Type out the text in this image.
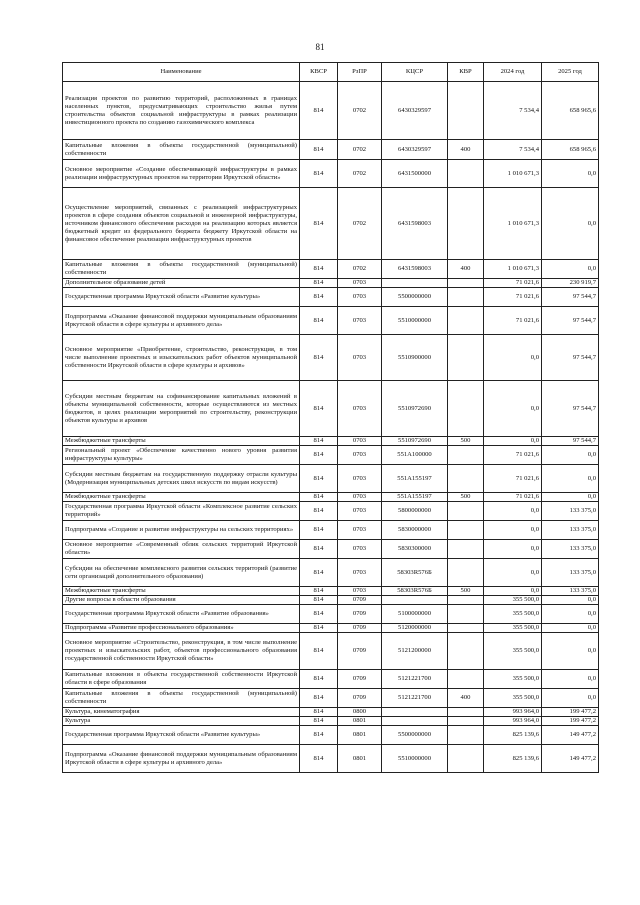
81
Наименование	КВСР	РзПР	КЦСР	КВР	2024 год	2025 год
Реализация проектов по развитию территорий, расположенных в границах населенных пунктов, предусматривающих строительство жилья путем строительства объектов социальной инфраструктуры в рамках реализации инвестиционного проекта по созданию газохимического комплекса	814	0702	6430329597		7 534,4	658 965,6
Капитальные вложения в объекты государственной (муниципальной) собственности	814	0702	6430329597	400	7 534,4	658 965,6
Основное мероприятие «Создание обеспечивающей инфраструктуры в рамках реализации инфраструктурных проектов на территории Иркутской области»	814	0702	6431500000		1 010 671,3	0,0
Осуществление мероприятий, связанных с реализацией инфраструктурных проектов в сфере создания объектов социальной и инженерной инфраструктуры, источником финансового обеспечения расходов на реализацию которых является бюджетный кредит из федерального бюджета бюджету Иркутской области на финансовое обеспечение реализации инфраструктурных проектов	814	0702	6431598003		1 010 671,3	0,0
Капитальные вложения в объекты государственной (муниципальной) собственности	814	0702	6431598003	400	1 010 671,3	0,0
Дополнительное образование детей	814	0703			71 021,6	230 919,7
Государственная программа Иркутской области «Развитие культуры»	814	0703	5500000000		71 021,6	97 544,7
Подпрограмма «Оказание финансовой поддержки муниципальным образованиям Иркутской области в сфере культуры и архивного дела»	814	0703	5510000000		71 021,6	97 544,7
Основное мероприятие «Приобретение, строительство, реконструкция, в том числе выполнение проектных и изыскательских работ объектов муниципальной собственности Иркутской области в сфере культуры и архивов»	814	0703	5510900000		0,0	97 544,7
Субсидии местным бюджетам на софинансирование капитальных вложений в объекты муниципальной собственности, которые осуществляются из местных бюджетов, в целях реализации мероприятий по строительству, реконструкции объектов культуры и архивов	814	0703	5510972690		0,0	97 544,7
Межбюджетные трансферты	814	0703	5510972690	500	0,0	97 544,7
Региональный проект «Обеспечение качественно нового уровня развития инфраструктуры культуры»	814	0703	551A100000		71 021,6	0,0
Субсидии местным бюджетам на государственную поддержку отрасли культуры (Модернизация муниципальных детских школ искусств по видам искусств)	814	0703	551A155197		71 021,6	0,0
Межбюджетные трансферты	814	0703	551A155197	500	71 021,6	0,0
Государственная программа Иркутской области «Комплексное развитие сельских территорий»	814	0703	5800000000		0,0	133 375,0
Подпрограмма «Создание и развитие инфраструктуры на сельских территориях»	814	0703	5830000000		0,0	133 375,0
Основное мероприятие «Современный облик сельских территорий Иркутской области»	814	0703	5830300000		0,0	133 375,0
Субсидии на обеспечение комплексного развития сельских территорий (развитие сети организаций дополнительного образования)	814	0703	58303R576Б		0,0	133 375,0
Межбюджетные трансферты	814	0703	58303R576Б	500	0,0	133 375,0
Другие вопросы в области образования	814	0709			355 500,0	0,0
Государственная программа Иркутской области «Развитие образования»	814	0709	5100000000		355 500,0	0,0
Подпрограмма «Развитие профессионального образования»	814	0709	5120000000		355 500,0	0,0
Основное мероприятие «Строительство, реконструкция, в том числе выполнение проектных и изыскательских работ, объектов профессионального образования государственной собственности Иркутской области»	814	0709	5121200000		355 500,0	0,0
Капитальные вложения в объекты государственной собственности Иркутской области в сфере образования	814	0709	5121221700		355 500,0	0,0
Капитальные вложения в объекты государственной (муниципальной) собственности	814	0709	5121221700	400	355 500,0	0,0
Культура, кинематография	814	0800			993 964,0	199 477,2
Культура	814	0801			993 964,0	199 477,2
Государственная программа Иркутской области «Развитие культуры»	814	0801	5500000000		825 139,6	149 477,2
Подпрограмма «Оказание финансовой поддержки муниципальным образованиям Иркутской области в сфере культуры и архивного дела»	814	0801	5510000000		825 139,6	149 477,2
